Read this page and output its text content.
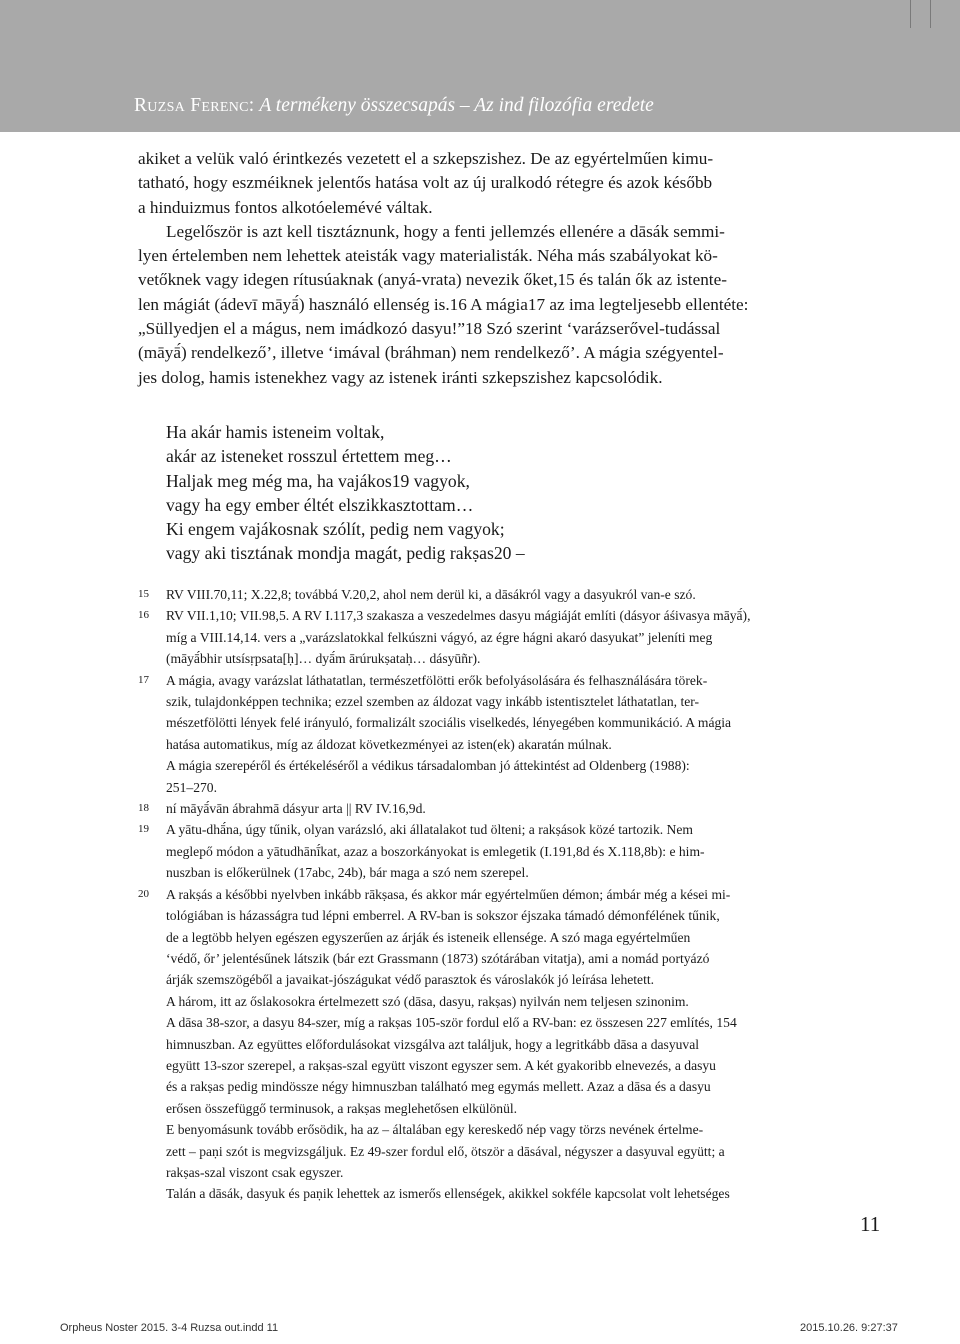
Ruzsa Ferenc: A termékeny összecsapás – Az ind filozófia eredete

akiket a velük való érintkezés vezetett el a szkepszishez. De az egyértelműen kimu-
tatható, hogy eszméiknek jelentős hatása volt az új uralkodó rétegre és azok később
a hinduizmus fontos alkotóelemévé váltak.

Legelőször is azt kell tisztáznunk, hogy a fenti jellemzés ellenére a dāsák semmi-
lyen értelemben nem lehettek ateisták vagy materialisták. Néha más szabályokat kö-
vetőknek vagy idegen rítusúaknak (anyá-vrata) nevezik őket,15 és talán ők az istente-
len mágiát (ádevī māyā́) használó ellenség is.16 A mágia17 az ima legteljesebb ellentéte:
„Süllyedjen el a mágus, nem imádkozó dasyu!”18 Szó szerint ‘varázserővel-tudással
(māyā́) rendelkező’, illetve ‘imával (bráhman) nem rendelkező’. A mágia szégyentel-
jes dolog, hamis istenekhez vagy az istenek iránti szkepszishez kapcsolódik.

Ha akár hamis isteneim voltak,
akár az isteneket rosszul értettem meg…
Haljak meg még ma, ha vajákos19 vagyok,
vagy ha egy ember éltét elszikkasztottam…
Ki engem vajákosnak szólít, pedig nem vagyok;
vagy aki tisztának mondja magát, pedig rakṣas20 –
15 RV VIII.70,11; X.22,8; továbbá V.20,2, ahol nem derül ki, a dāsákról vagy a dasyukról van-e szó.
16 RV VII.1,10; VII.98,5. A RV I.117,3 szakasza a veszedelmes dasyu mágiáját említi (dásyor áśivasya māyā́),
míg a VIII.14,14. vers a „varázslatokkal felkúszni vágyó, az égre hágni akaró dasyukat” jeleníti meg
(māyā́bhir utsísṛpsata[ḥ]… dyā́m ārúrukṣataḥ… dásyūñr).
17 A mágia, avagy varázslat láthatatlan, természetfölötti erők befolyásolására és felhasználására törek-
szik, tulajdonképpen technika; ezzel szemben az áldozat vagy inkább istentisztelet láthatatlan, ter-
mészetfölötti lények felé irányuló, formalizált szociális viselkedés, lényegében kommunikáció. A mágia
hatása automatikus, míg az áldozat következményei az isten(ek) akaratán múlnak.
A mágia szerepéről és értékeléséről a védikus társadalomban jó áttekintést ad Oldenberg (1988):
251–270.
18 ní māyā́vān ábrahmā dásyur arta || RV IV.16,9d.
19 A yātu-dhā́na, úgy tűnik, olyan varázsló, aki állatalakot tud ölteni; a rakṣások közé tartozik. Nem
meglepő módon a yātudhānī́kat, azaz a boszorkányokat is emlegetik (I.191,8d és X.118,8b): e him-
nuszban is előkerülnek (17abc, 24b), bár maga a szó nem szerepel.
20 A rakṣás a későbbi nyelvben inkább rākṣasa, és akkor már egyértelműen démon; ámbár még a kései mi-
tológiában is házasságra tud lépni emberrel. A RV-ban is sokszor éjszaka támadó démonfélének tűnik,
de a legtöbb helyen egészen egyszerűen az árják és isteneik ellensége. A szó maga egyértelműen
‘védő, őr’ jelentésűnek látszik (bár ezt Grassmann (1873) szótárában vitatja), ami a nomád portyázó
árják szemszögéből a javaikat-jószágukat védő parasztok és városlakók jó leírása lehetett.
A három, itt az őslakosokra értelmezett szó (dāsa, dasyu, rakṣas) nyilván nem teljesen szinonim.
A dāsa 38-szor, a dasyu 84-szer, míg a rakṣas 105-ször fordul elő a RV-ban: ez összesen 227 említés, 154
himnuszban. Az együttes előfordulásokat vizsgálva azt találjuk, hogy a legritkább dāsa a dasyuval
együtt 13-szor szerepel, a rakṣas-szal együtt viszont egyszer sem. A két gyakoribb elnevezés, a dasyu
és a rakṣas pedig mindössze négy himnuszban található meg egymás mellett. Azaz a dāsa és a dasyu
erősen összefüggő terminusok, a rakṣas meglehetősen elkülönül.
E benyomásunk tovább erősödik, ha az – általában egy kereskedő nép vagy törzs nevének értelme-
zett – paṇi szót is megvizsgáljuk. Ez 49-szer fordul elő, ötször a dāsával, négyszer a dasyuval együtt; a
rakṣas-szal viszont csak egyszer.
Talán a dāsák, dasyuk és paṇik lehettek az ismerős ellenségek, akikkel sokféle kapcsolat volt lehetséges
11
Orpheus Noster 2015. 3-4 Ruzsa out.indd 11	2015.10.26. 9:27:37
